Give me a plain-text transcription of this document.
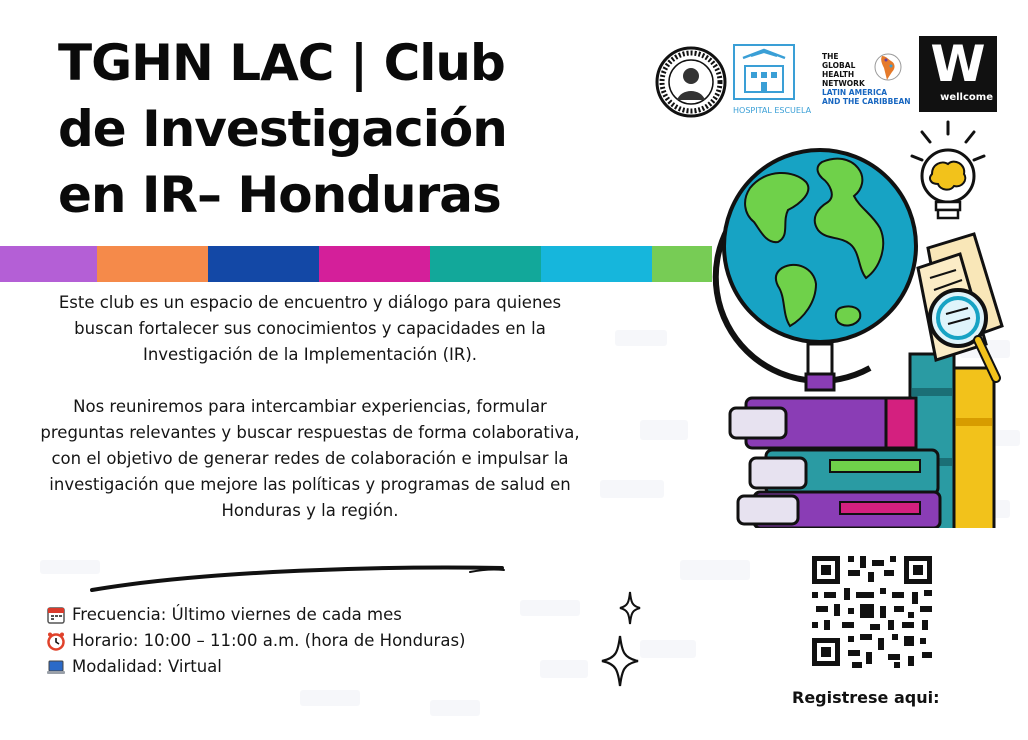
TGHN LAC | Club
de Investigación
en IR– Honduras

Este club es un espacio de encuentro y diálogo para quienes buscan fortalecer sus conocimientos y capacidades en la Investigación de la Implementación (IR).

Nos reuniremos para intercambiar experiencias, formular preguntas relevantes y buscar respuestas de forma colaborativa, con el objetivo de generar redes de colaboración e impulsar la investigación que mejore las políticas y programas de salud en Honduras y la región.

Frecuencia: Último viernes de cada mes
Horario: 10:00 – 11:00 a.m. (hora de Honduras)
Modalidad: Virtual
HOSPITAL ESCUELA
THE
GLOBAL
HEALTH
NETWORK
LATIN AMERICA
AND THE CARIBBEAN
W
wellcome
Registrese aqui:
